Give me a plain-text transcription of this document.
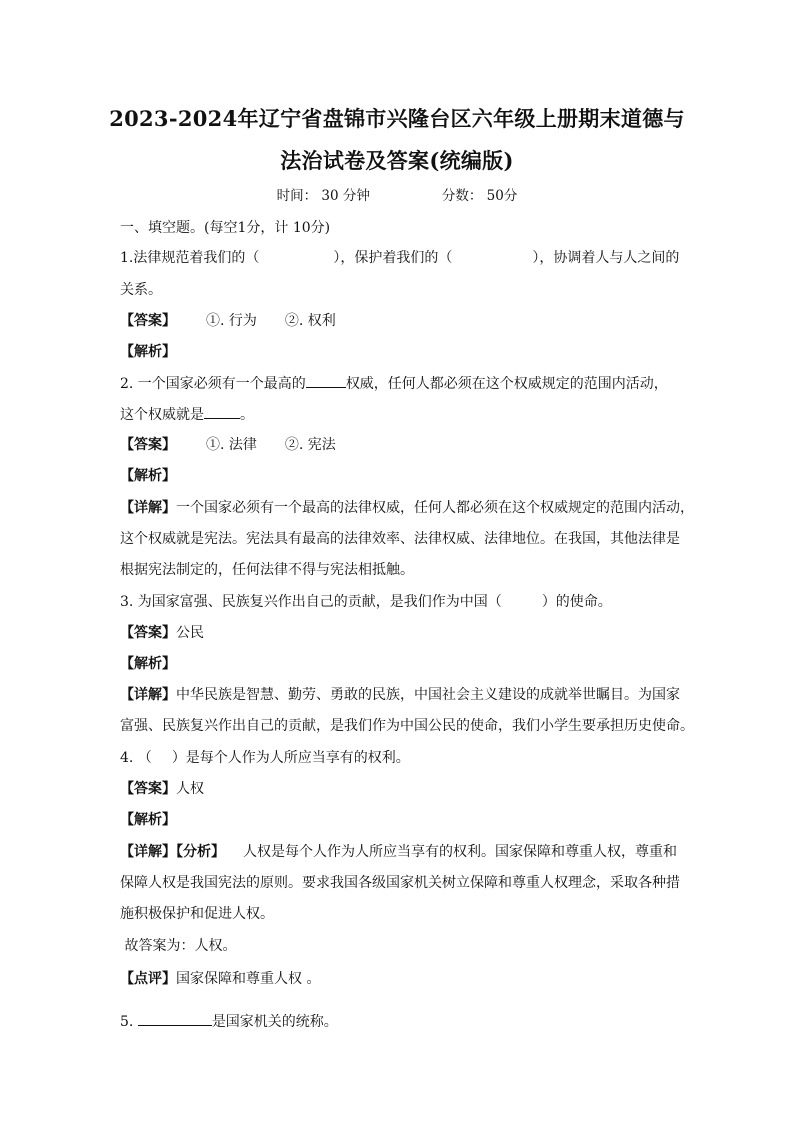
2023-2024年辽宁省盘锦市兴隆台区六年级上册期末道德与
法治试卷及答案(统编版)
时间： 30 分钟	分数： 50分
一、填空题。(每空1分，计 10分)
1.法律规范着我们的（	），保护着我们的（	），协调着人与人之间的
关系。
【答案】 ①. 行为 ②. 权利
【解析】
2. 一个国家必须有一个最高的	权威，任何人都必须在这个权威规定的范围内活动，
这个权威就是	。
【答案】 ①. 法律 ②. 宪法
【解析】
【详解】一个国家必须有一个最高的法律权威，任何人都必须在这个权威规定的范围内活动，
这个权威就是宪法。宪法具有最高的法律效率、法律权威、法律地位。在我国，其他法律是
根据宪法制定的，任何法律不得与宪法相抵触。
3. 为国家富强、民族复兴作出自己的贡献，是我们作为中国（	）的使命。
【答案】公民
【解析】
【详解】中华民族是智慧、勤劳、勇敢的民族，中国社会主义建设的成就举世瞩目。为国家
富强、民族复兴作出自己的贡献，是我们作为中国公民的使命，我们小学生要承担历史使命。
4. （ ）是每个人作为人所应当享有的权利。
【答案】人权
【解析】
【详解】【分析】 人权是每个人作为人所应当享有的权利。国家保障和尊重人权，尊重和
保障人权是我国宪法的原则。要求我国各级国家机关树立保障和尊重人权理念，采取各种措
施积极保护和促进人权。
故答案为：人权。
【点评】国家保障和尊重人权 。
5.	是国家机关的统称。
